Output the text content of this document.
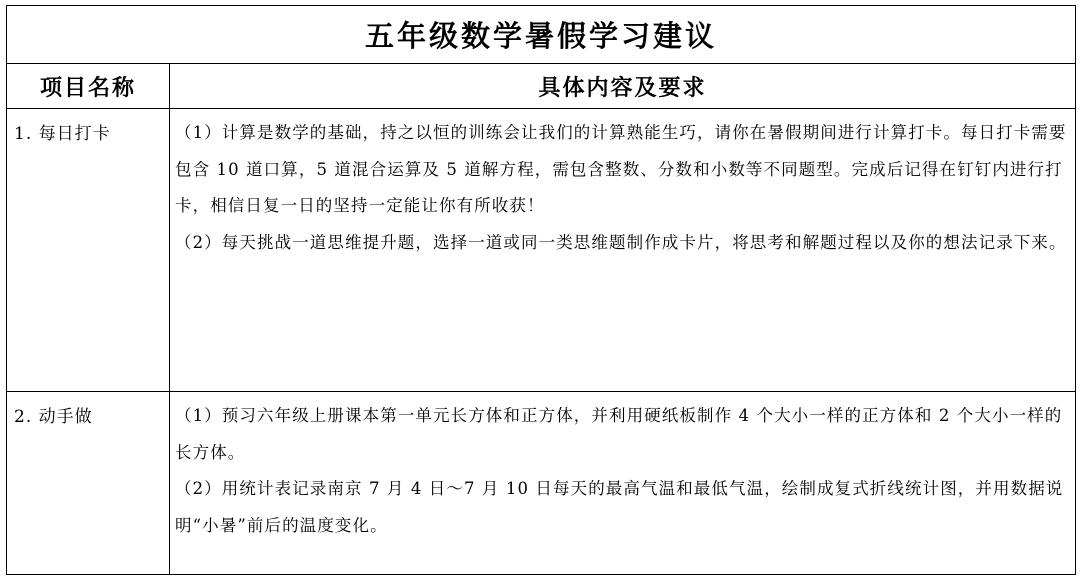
五年级数学暑假学习建议	
项目名称	具体内容及要求
1. 每日打卡	（1）计算是数学的基础，持之以恒的训练会让我们的计算熟能生巧，请你在暑假期间进行计算打卡。每日打卡需要包含 10 道口算，5 道混合运算及 5 道解方程，需包含整数、分数和小数等不同题型。完成后记得在钉钉内进行打卡，相信日复一日的坚持一定能让你有所收获！

（2）每天挑战一道思维提升题，选择一道或同一类思维题制作成卡片，将思考和解题过程以及你的想法记录下来。

2. 动手做	（1）预习六年级上册课本第一单元长方体和正方体，并利用硬纸板制作 4 个大小一样的正方体和 2 个大小一样的长方体。

（2）用统计表记录南京 7 月 4 日～7 月 10 日每天的最高气温和最低气温，绘制成复式折线统计图，并用数据说明“小暑”前后的温度变化。
